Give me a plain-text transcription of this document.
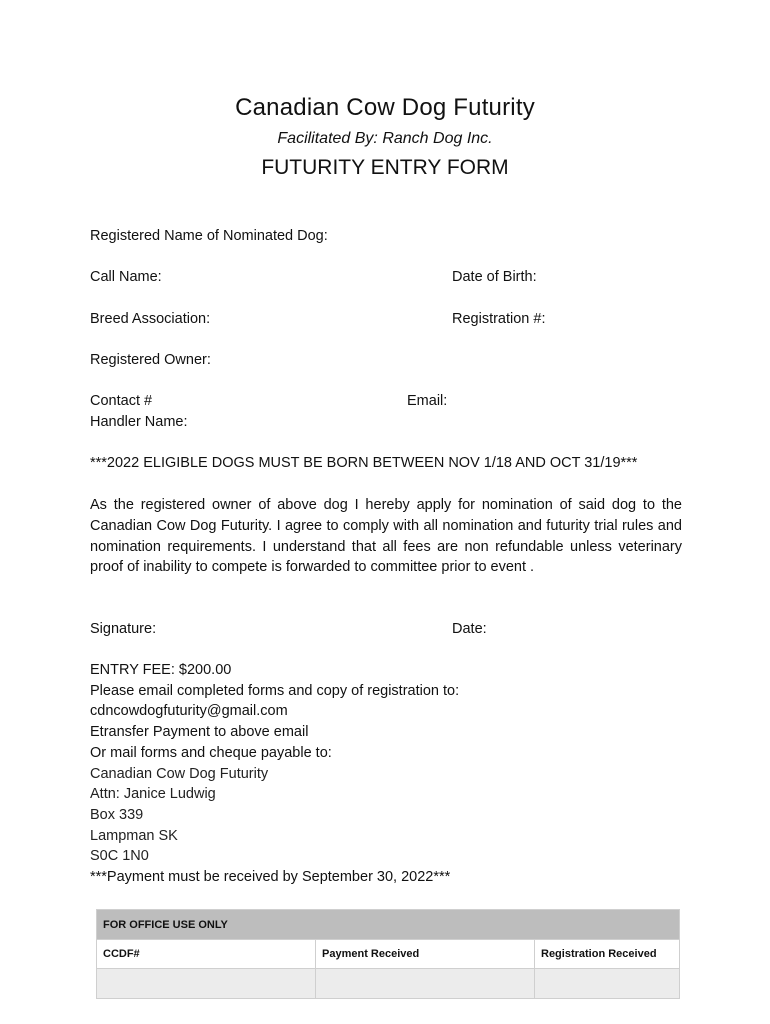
Canadian Cow Dog Futurity
Facilitated By: Ranch Dog Inc.
FUTURITY ENTRY FORM
Registered Name of Nominated Dog:
Call Name:	Date of Birth:
Breed Association:	Registration #:
Registered Owner:
Contact #	Email:
Handler Name:
***2022 ELIGIBLE DOGS MUST BE BORN BETWEEN NOV 1/18 AND OCT 31/19***
As the registered owner of above dog I hereby apply for nomination of said dog to the Canadian Cow Dog Futurity. I agree to comply with all nomination and futurity trial rules and nomination requirements. I understand that all fees are non refundable unless veterinary proof of inability to compete is forwarded to committee prior to event .
Signature:	Date:
ENTRY FEE: $200.00
Please email completed forms and copy of registration to:
cdncowdogfuturity@gmail.com
Etransfer Payment to above email
Or mail forms and cheque payable to:
Canadian Cow Dog Futurity
Attn: Janice Ludwig
Box 339
Lampman SK
S0C 1N0
***Payment must be received by September 30, 2022***
FOR OFFICE USE ONLY		
CCDF#	Payment Received	Registration Received
